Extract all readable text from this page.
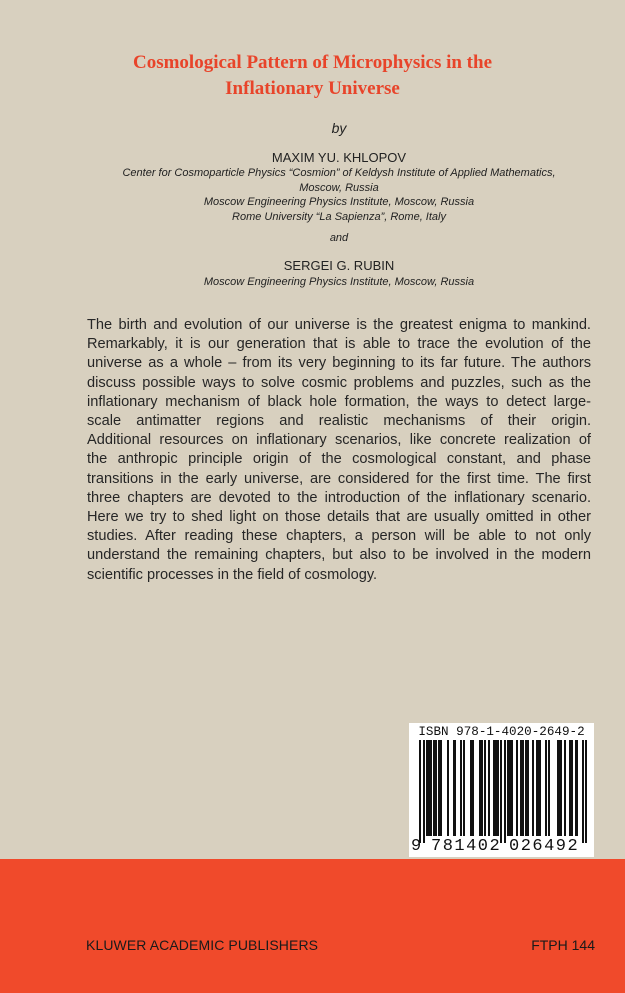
Cosmological Pattern of Microphysics in the
Inflationary Universe
by
MAXIM YU. KHLOPOV
Center for Cosmoparticle Physics “Cosmion” of Keldysh Institute of Applied Mathematics,
Moscow, Russia
Moscow Engineering Physics Institute, Moscow, Russia
Rome University “La Sapienza”, Rome, Italy
and
SERGEI G. RUBIN
Moscow Engineering Physics Institute, Moscow, Russia
The birth and evolution of our universe is the greatest enigma to mankind.
Remarkably, it is our generation that is able to trace the evolution of the
universe as a whole – from its very beginning to its far future. The authors
discuss possible ways to solve cosmic problems and puzzles, such as the
inflationary mechanism of black hole formation, the ways to detect large-
scale antimatter regions and realistic mechanisms of their origin.
Additional resources on inflationary scenarios, like concrete realization of
the anthropic principle origin of the cosmological constant, and phase
transitions in the early universe, are considered for the first time. The first
three chapters are devoted to the introduction of the inflationary scenario.
Here we try to shed light on those details that are usually omitted in other
studies. After reading these chapters, a person will be able to not only
understand the remaining chapters, but also to be involved in the modern
scientific processes in the field of cosmology.
ISBN 978-1-4020-2649-2
9 781402 026492
KLUWER ACADEMIC PUBLISHERS	FTPH 144
